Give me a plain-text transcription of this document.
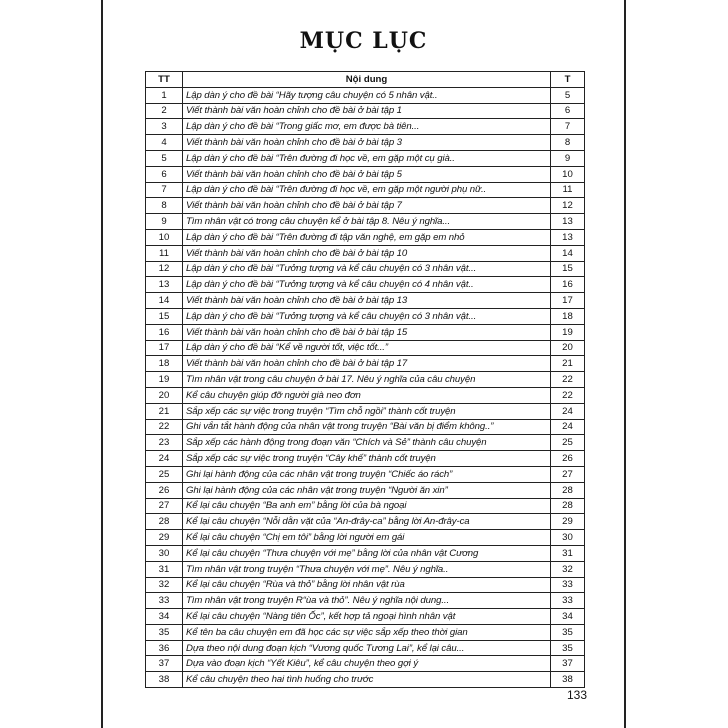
MỤC LỤC
TT	Nội dung	T
1	Lập dàn ý cho đề bài “Hãy tượng câu chuyện có 5 nhân vật..	5
2	Viết thành bài văn hoàn chỉnh cho đề bài ở bài tập 1	6
3	Lập dàn ý cho đề bài “Trong giấc mơ, em được bà tiên...	7
4	Viết thành bài văn hoàn chỉnh cho đề bài ở bài tập 3	8
5	Lập dàn ý cho đề bài “Trên đường đi học về, em gặp một cụ già..	9
6	Viết thành bài văn hoàn chỉnh cho đề bài ở bài tập 5	10
7	Lập dàn ý cho đề bài “Trên đường đi học về, em gặp một người phụ nữ..	11
8	Viết thành bài văn hoàn chỉnh cho đề bài ở bài tập 7	12
9	Tìm nhân vật có trong câu chuyện kể ở bài tập 8. Nêu ý nghĩa...	13
10	Lập dàn ý cho đề bài “Trên đường đi tập văn nghệ, em gặp em nhỏ	13
11	Viết thành bài văn hoàn chỉnh cho đề bài ở bài tập 10	14
12	Lập dàn ý cho đề bài “Tưởng tượng và kể câu chuyện có 3 nhân vật...	15
13	Lập dàn ý cho đề bài “Tưởng tượng và kể câu chuyện có 4 nhân vật..	16
14	Viết thành bài văn hoàn chỉnh cho đề bài ở bài tập 13	17
15	Lập dàn ý cho đề bài “Tưởng tượng và kể câu chuyện có 3 nhân vật...	18
16	Viết thành bài văn hoàn chỉnh cho đề bài ở bài tập 15	19
17	Lập dàn ý cho đề bài “Kể về người tốt, việc tốt...”	20
18	Viết thành bài văn hoàn chỉnh cho đề bài ở bài tập 17	21
19	Tìm nhân vật trong câu chuyện ở bài 17. Nêu ý nghĩa của câu chuyện	22
20	Kể câu chuyện giúp đỡ người già neo đơn	22
21	Sắp xếp các sự việc trong truyện “Tìm chỗ ngồi” thành cốt truyện	24
22	Ghi vắn tắt hành động của nhân vật trong truyện “Bài văn bị điểm không..”	24
23	Sắp xếp các hành động trong đoạn văn “Chích và Sẻ” thành câu chuyện	25
24	Sắp xếp các sự việc trong truyện “Cây khế” thành cốt truyện	26
25	Ghi lại hành động của các nhân vật trong truyện “Chiếc áo rách”	27
26	Ghi lại hành động của các nhân vật trong truyện “Người ăn xin”	28
27	Kể lại câu chuyện “Ba anh em” bằng lời của bà ngoại	28
28	Kể lại câu chuyện “Nỗi dằn vặt của “An-đrây-ca” bằng lời An-đrây-ca	29
29	Kể lại câu chuyện “Chị em tôi” bằng lời người em gái	30
30	Kể lại câu chuyện “Thưa chuyện với mẹ” bằng lời của nhân vật Cương	31
31	Tìm nhân vật trong truyện “Thưa chuyện với mẹ”. Nêu ý nghĩa..	32
32	Kể lại câu chuyện “Rùa và thỏ” bằng lời nhân vật rùa	33
33	Tìm nhân vật trong truyện R“ùa và thỏ”. Nêu ý nghĩa nội dung...	33
34	Kể lại câu chuyện “Nàng tiên Ốc”, kết hợp tả ngoại hình nhân vật	34
35	Kể tên ba câu chuyện em đã học các sự việc sắp xếp theo thời gian	35
36	Dựa theo nội dung đoạn kịch “Vương quốc Tương Lai”, kể lại câu...	35
37	Dựa vào đoạn kịch “Yết Kiêu”, kể câu chuyện theo gợi ý	37
38	Kể câu chuyện theo hai tình huống cho trước	38
133
